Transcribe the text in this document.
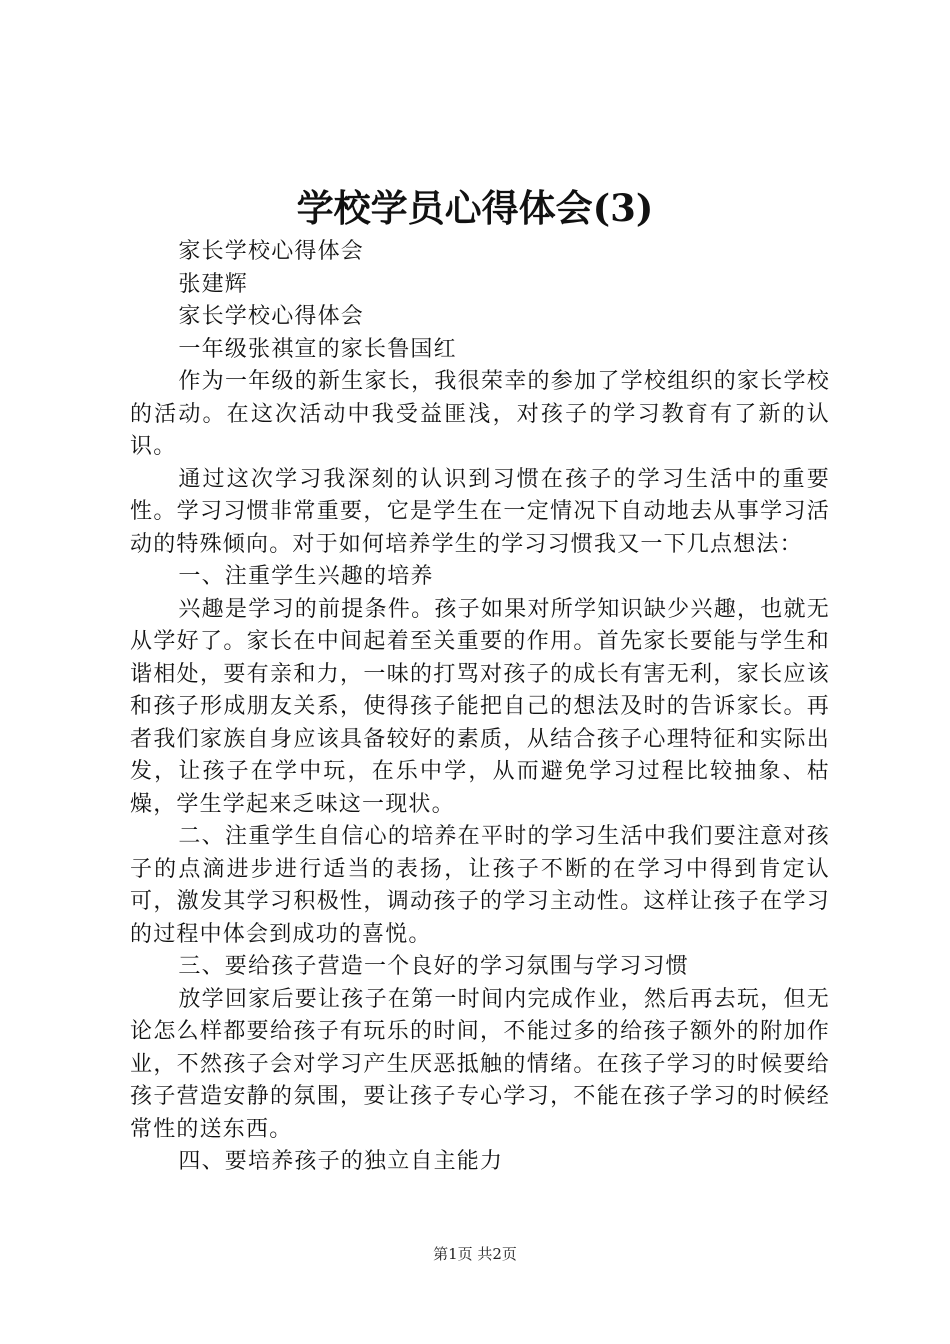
学校学员心得体会(3)

家长学校心得体会

张建辉

家长学校心得体会

一年级张祺宣的家长鲁国红

作为一年级的新生家长，我很荣幸的参加了学校组织的家长学校的活动。在这次活动中我受益匪浅，对孩子的学习教育有了新的认识。

通过这次学习我深刻的认识到习惯在孩子的学习生活中的重要性。学习习惯非常重要，它是学生在一定情况下自动地去从事学习活动的特殊倾向。对于如何培养学生的学习习惯我又一下几点想法：

一、注重学生兴趣的培养

兴趣是学习的前提条件。孩子如果对所学知识缺少兴趣，也就无从学好了。家长在中间起着至关重要的作用。首先家长要能与学生和谐相处，要有亲和力，一味的打骂对孩子的成长有害无利，家长应该和孩子形成朋友关系，使得孩子能把自己的想法及时的告诉家长。再者我们家族自身应该具备较好的素质，从结合孩子心理特征和实际出发，让孩子在学中玩，在乐中学，从而避免学习过程比较抽象、枯燥，学生学起来乏味这一现状。

二、注重学生自信心的培养在平时的学习生活中我们要注意对孩子的点滴进步进行适当的表扬，让孩子不断的在学习中得到肯定认可，激发其学习积极性，调动孩子的学习主动性。这样让孩子在学习的过程中体会到成功的喜悦。

三、要给孩子营造一个良好的学习氛围与学习习惯

放学回家后要让孩子在第一时间内完成作业，然后再去玩，但无论怎么样都要给孩子有玩乐的时间，不能过多的给孩子额外的附加作业，不然孩子会对学习产生厌恶抵触的情绪。在孩子学习的时候要给孩子营造安静的氛围，要让孩子专心学习，不能在孩子学习的时候经常性的送东西。

四、要培养孩子的独立自主能力

第1页 共2页
